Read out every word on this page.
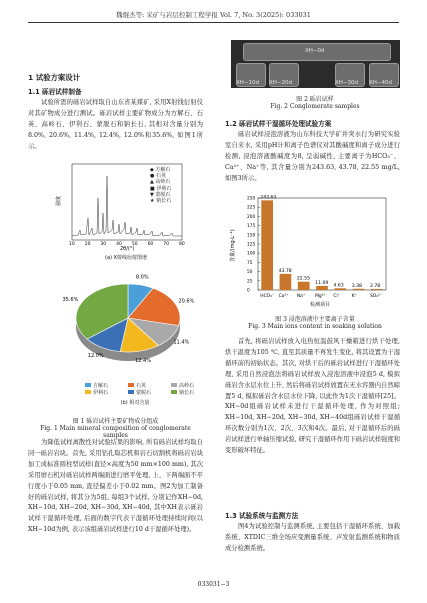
魏焜杰等: 采矿与岩层控制工程学报 Vol. 7, No. 3(2025): 033031
1 试验方案设计
1.1 砾岩试样制备

试验所需的砾岩试样取自山东省某煤矿, 采用X射线衍射仪对其矿物成分进行测试。砾岩试样主要矿物成分为方解石、石英、高岭石、伊利石、蒙脱石和钠长石, 其相对含量分别为8.0%, 20.6%, 11.4%, 12.4%, 12.0%和35.6%, 如图1所示。

强度
10 20 30 40 50 60 70 80
2θ/(°)
(a) X射线衍射图谱
◆ 方解石
● 石英
▲ 高岭石
■ 伊利石
▼ 蒙脱石
★ 钠长石
8.0%
20.6%
11.4%
12.4%
12.0%
35.6%
方解石	石英	高岭石伊利石	蒙脱石	钠长石
(b) 相对含量
图 1 砾岩试样主要矿物成分组成
Fig. 1 Main mineral composition of conglomerate samples

为降低试样离散性对试验结果的影响, 所有砾岩试样均取自同一砾岩岩块。首先, 采用钻孔取芯机和岩石切割机将砾岩岩块加工成标准圆柱型试样(直径×高度为50 mm×100 mm), 其次采用磨石机对砾岩试样两端面进行磨平处理, 上、下两端面不平行度小于0.05 mm, 直径偏差小于0.02 mm。图2为加工制备好的砾岩试样, 将其分为5组, 每组3个试样, 分别记作XH−0d, XH−10d, XH−20d, XH−30d, XH−40d, 其中XH表示砾岩试样干湿循环处理, 后面的数字代表干湿循环处理持续时间(以XH−10d为例, 表示该组砾岩试样进行10 d干湿循环处理)。

XH−0d
XH−10d XH−20d	XH−30d XH−40d
图 2 砾岩试样
Fig. 2 Conglomerate samples
1.2 砾岩试样干湿循环处理试验方案

砾岩试样浸泡溶液为山东科技大学矿井突水行为研究实验室自来水, 采用pH计和离子色谱仪对其酸碱度和离子成分进行检测, 浸泡溶液酸碱度为8, 呈弱碱性, 主要离子为HCO₃⁻、Ca²⁺、Na⁺等, 其含量分别为243.63, 43.78, 22.55 mg/L, 如图3所示。

0
25
50
75
100
125
150
175
200
225
250 243.63
HCO₃⁻
43.78
Ca²⁺
22.55
Na⁺
11.09
Mg²⁺
4.63
Cl⁻
3.38
K⁺
2.78
SO₄²⁻
含量/(mg·L⁻¹)
检测项目
图 3 浸泡溶液中主要离子含量
Fig. 3 Main ions content in soaking solution

首先, 将砾岩试样放入电热恒温鼓风干燥箱进行烘干处理, 烘干温度为105 ℃, 直至其质量不再发生变化, 将其设置为干湿循环前的初始状态。其次, 对烘干后的砾岩试样进行干湿循环处理, 采用自然浸泡法将砾岩试样放入浸泡溶液中浸泡5 d, 模拟砾岩含水层水位上升, 然后将砾岩试样放置在无水容器内自然晾置5 d, 模拟砾岩含水层水位下降, 以此作为1次干湿循环[25]。XH−0d组砾岩试样未进行干湿循环处理, 作为对照组; XH−10d, XH−20d, XH−30d, XH−40d组砾岩试样干湿循环次数分别为1次、2次、3次和4次。最后, 对干湿循环后的砾岩试样进行单轴压缩试验, 研究干湿循环作用下砾岩试样强度和变形破坏特征。

1.3 试验系统与监测方法

图4为试验控制与监测系统, 主要包括干湿循环系统、加载系统、XTDIC三维全场应变测量系统、声发射监测系统和物质成分检测系统。

033031−3
